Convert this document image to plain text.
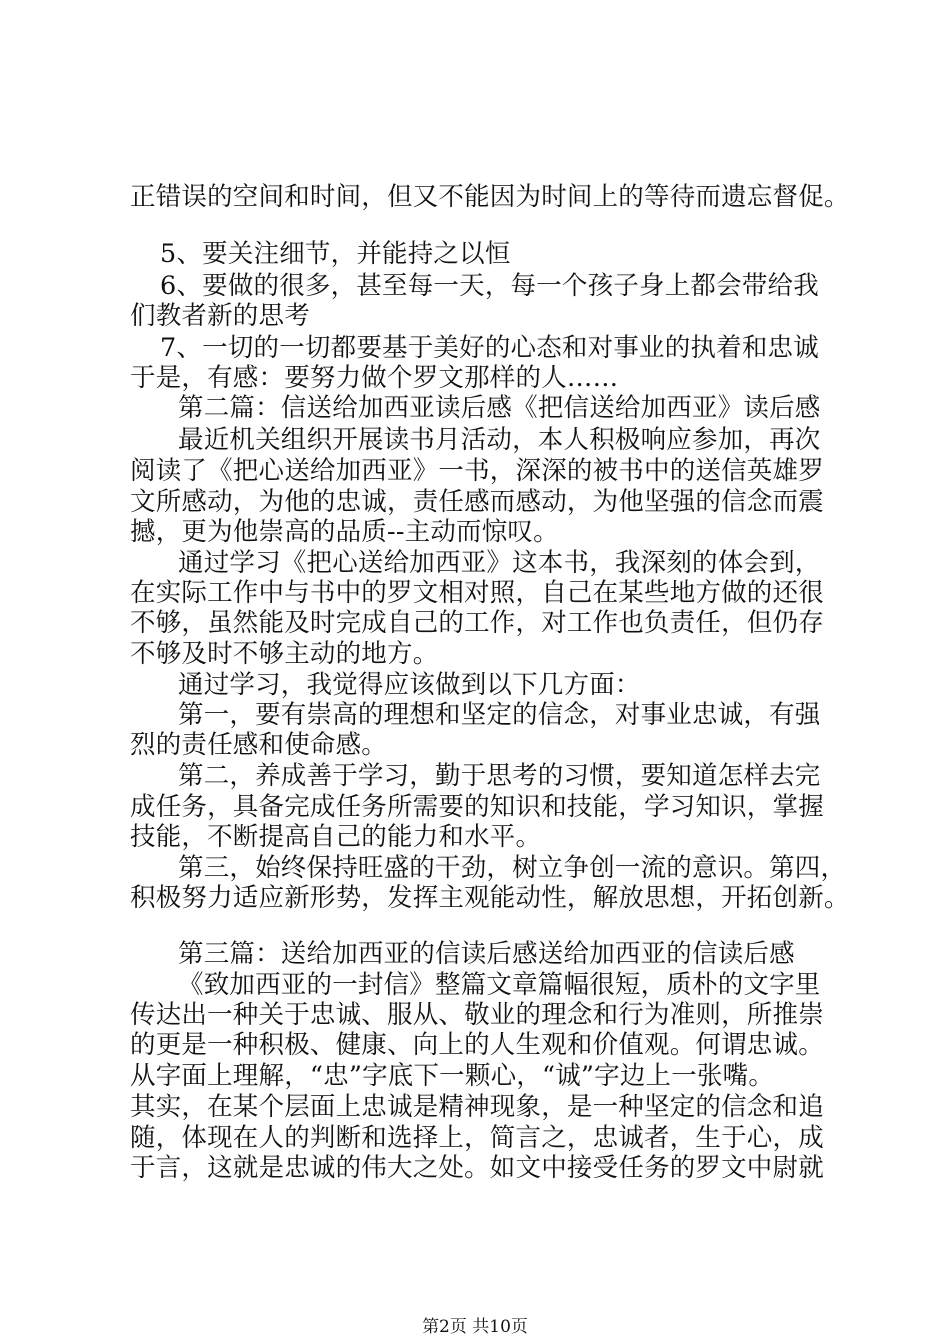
正错误的空间和时间，但又不能因为时间上的等待而遗忘督促。
5、要关注细节，并能持之以恒
6、要做的很多，甚至每一天，每一个孩子身上都会带给我
们教者新的思考
7、一切的一切都要基于美好的心态和对事业的执着和忠诚
于是，有感：要努力做个罗文那样的人……
第二篇：信送给加西亚读后感《把信送给加西亚》读后感
最近机关组织开展读书月活动，本人积极响应参加，再次
阅读了《把心送给加西亚》一书，深深的被书中的送信英雄罗
文所感动，为他的忠诚，责任感而感动，为他坚强的信念而震
撼，更为他崇高的品质--主动而惊叹。
通过学习《把心送给加西亚》这本书，我深刻的体会到，
在实际工作中与书中的罗文相对照，自己在某些地方做的还很
不够，虽然能及时完成自己的工作，对工作也负责任，但仍存
不够及时不够主动的地方。
通过学习，我觉得应该做到以下几方面：
第一，要有崇高的理想和坚定的信念，对事业忠诚，有强
烈的责任感和使命感。
第二，养成善于学习，勤于思考的习惯，要知道怎样去完
成任务，具备完成任务所需要的知识和技能，学习知识，掌握
技能，不断提高自己的能力和水平。
第三，始终保持旺盛的干劲，树立争创一流的意识。第四，
积极努力适应新形势，发挥主观能动性，解放思想，开拓创新。
第三篇：送给加西亚的信读后感送给加西亚的信读后感
《致加西亚的一封信》整篇文章篇幅很短，质朴的文字里
传达出一种关于忠诚、服从、敬业的理念和行为准则，所推崇
的更是一种积极、健康、向上的人生观和价值观。何谓忠诚。
从字面上理解，“忠”字底下一颗心，“诚”字边上一张嘴。
其实，在某个层面上忠诚是精神现象，是一种坚定的信念和追
随，体现在人的判断和选择上，简言之，忠诚者，生于心，成
于言，这就是忠诚的伟大之处。如文中接受任务的罗文中尉就
第2页 共10页
